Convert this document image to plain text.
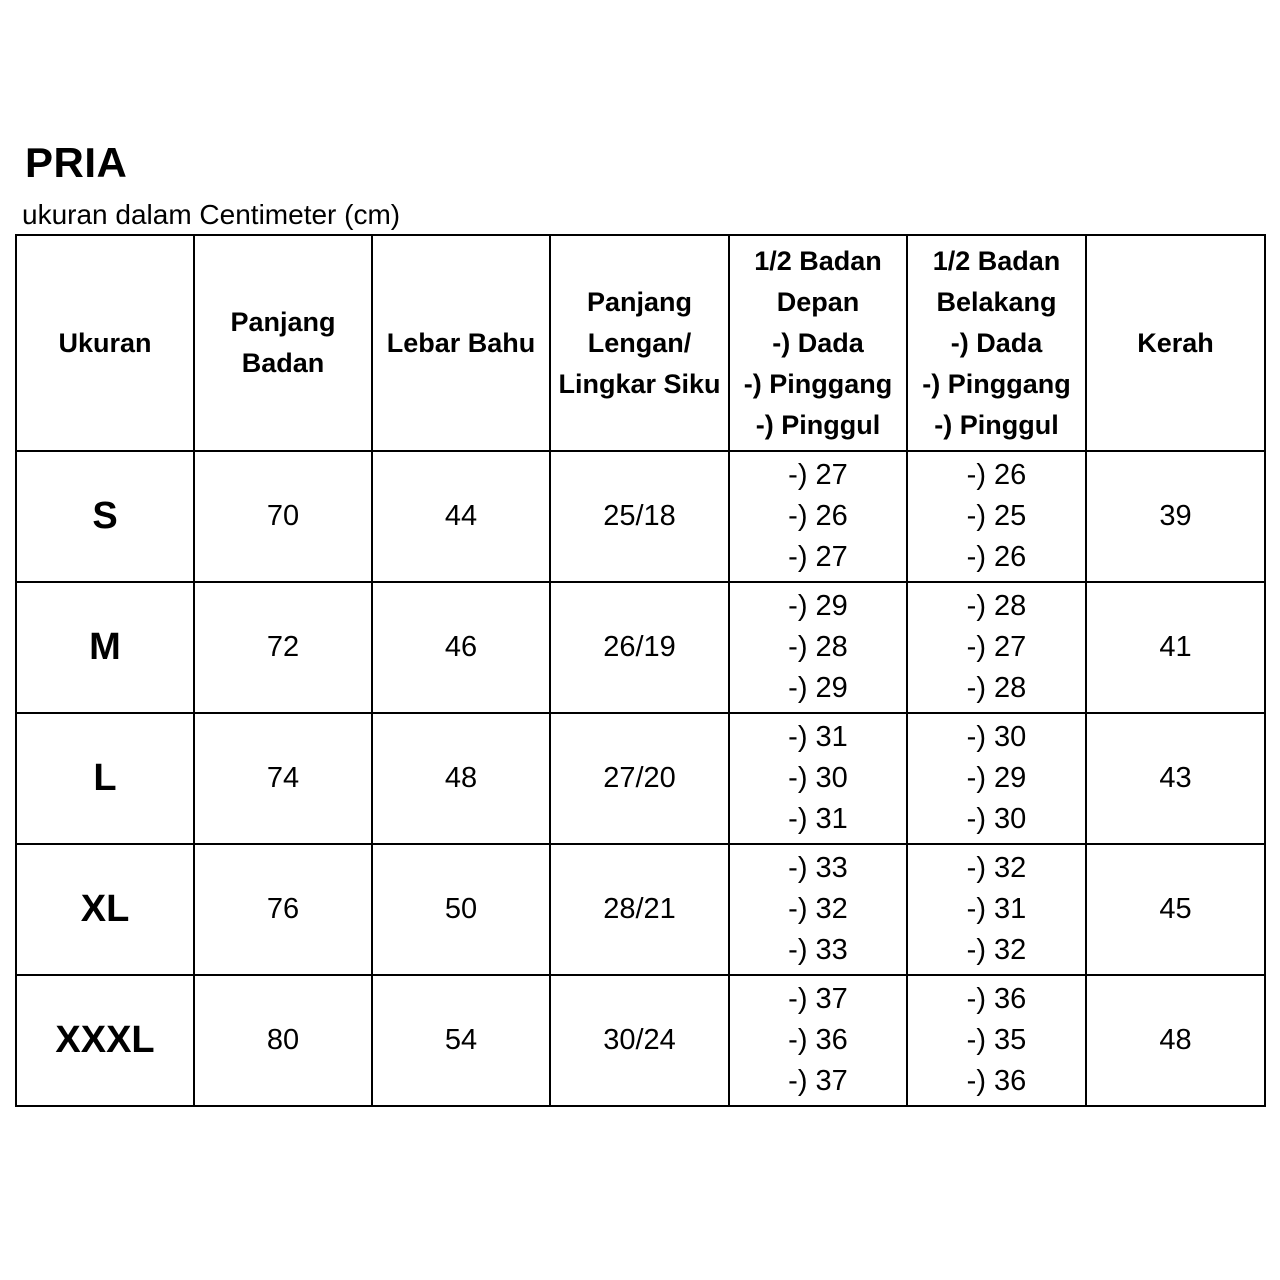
PRIA
ukuran dalam Centimeter (cm)
Ukuran	Panjang
Badan	Lebar Bahu	Panjang
Lengan/
Lingkar Siku	1/2 Badan
Depan
-) Dada
-) Pinggang
-) Pinggul	1/2 Badan
Belakang
-) Dada
-) Pinggang
-) Pinggul	Kerah

S	70	44	25/18	-) 27
-) 26
-) 27	-) 26
-) 25
-) 26	39
M	72	46	26/19	-) 29
-) 28
-) 29	-) 28
-) 27
-) 28	41
L	74	48	27/20	-) 31
-) 30
-) 31	-) 30
-) 29
-) 30	43
XL	76	50	28/21	-) 33
-) 32
-) 33	-) 32
-) 31
-) 32	45
XXXL	80	54	30/24	-) 37
-) 36
-) 37	-) 36
-) 35
-) 36	48
